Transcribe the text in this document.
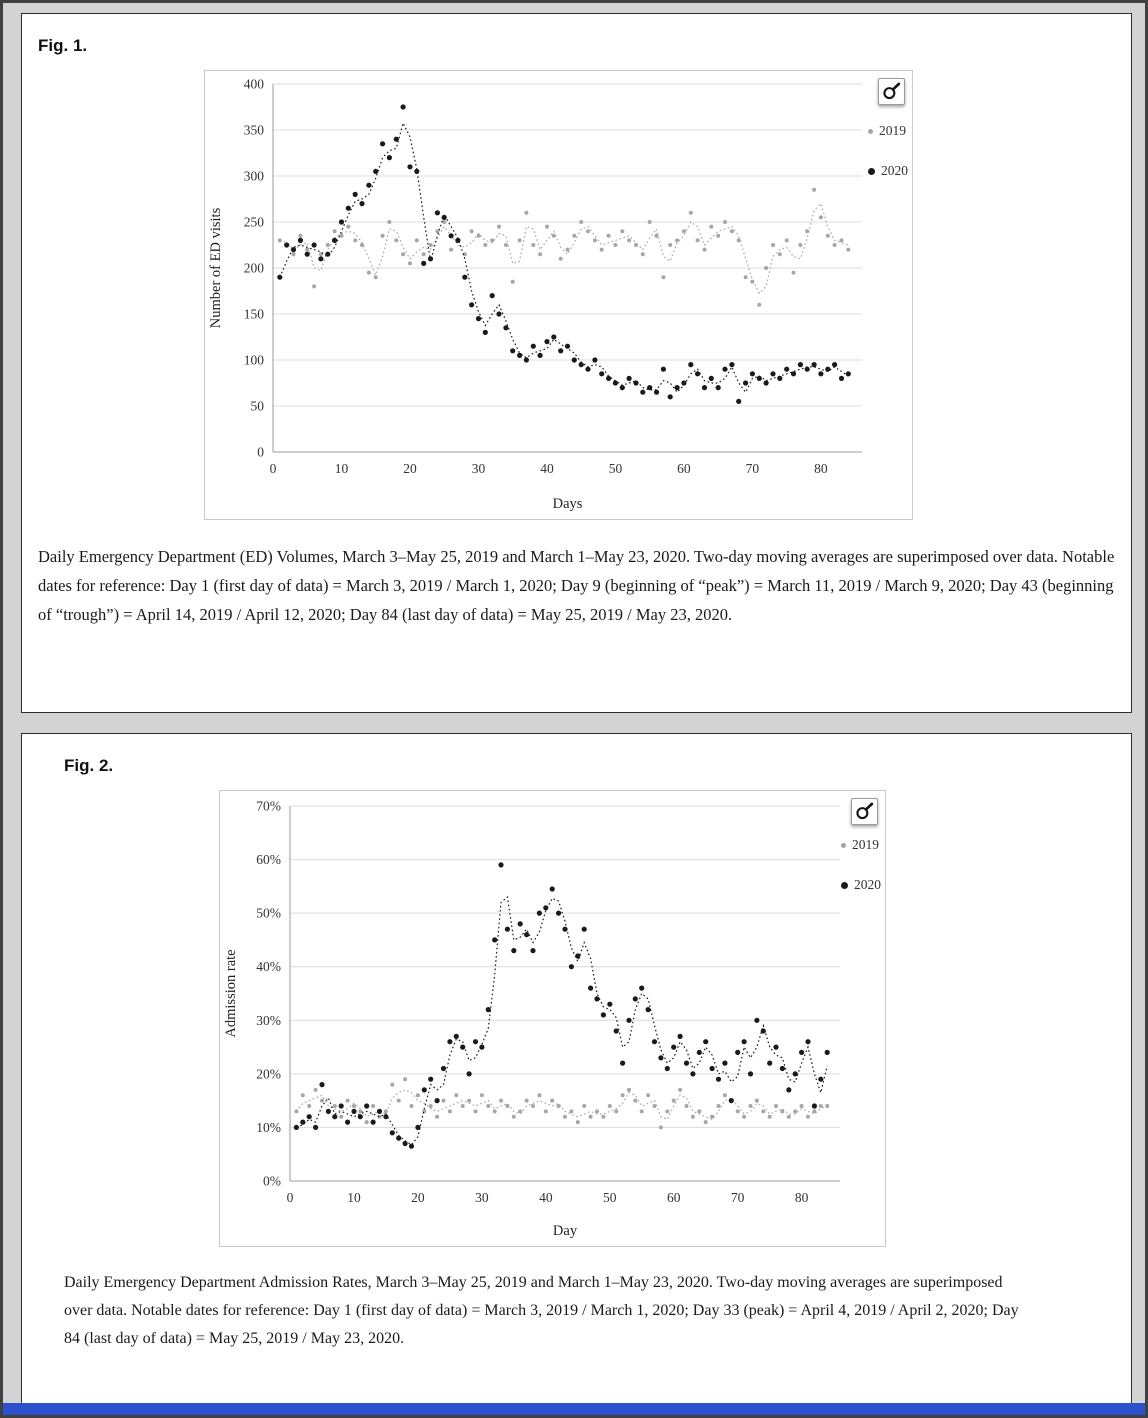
Fig. 1.
0
50
100
150
200
250
300
350
400
0	10	20	30	40	50	60	70	80
Days
Number of ED visits
2019
2020

Daily Emergency Department (ED) Volumes, March 3–May 25, 2019 and March 1–May 23, 2020. Two-day moving averages are superimposed over data. Notable dates for reference: Day 1 (first day of data) = March 3, 2019 / March 1, 2020; Day 9 (beginning of “peak”) = March 11, 2019 / March 9, 2020; Day 43 (beginning of “trough”) = April 14, 2019 / April 12, 2020; Day 84 (last day of data) = May 25, 2019 / May 23, 2020.

Fig. 2.
0%
10%
20%
30%
40%
50%
60%
70%
0	10	20	30	40	50	60	70	80
Day
Admission rate
2019
2020

Daily Emergency Department Admission Rates, March 3–May 25, 2019 and March 1–May 23, 2020. Two-day moving averages are superimposed over data. Notable dates for reference: Day 1 (first day of data) = March 3, 2019 / March 1, 2020; Day 33 (peak) = April 4, 2019 / April 2, 2020; Day 84 (last day of data) = May 25, 2019 / May 23, 2020.
